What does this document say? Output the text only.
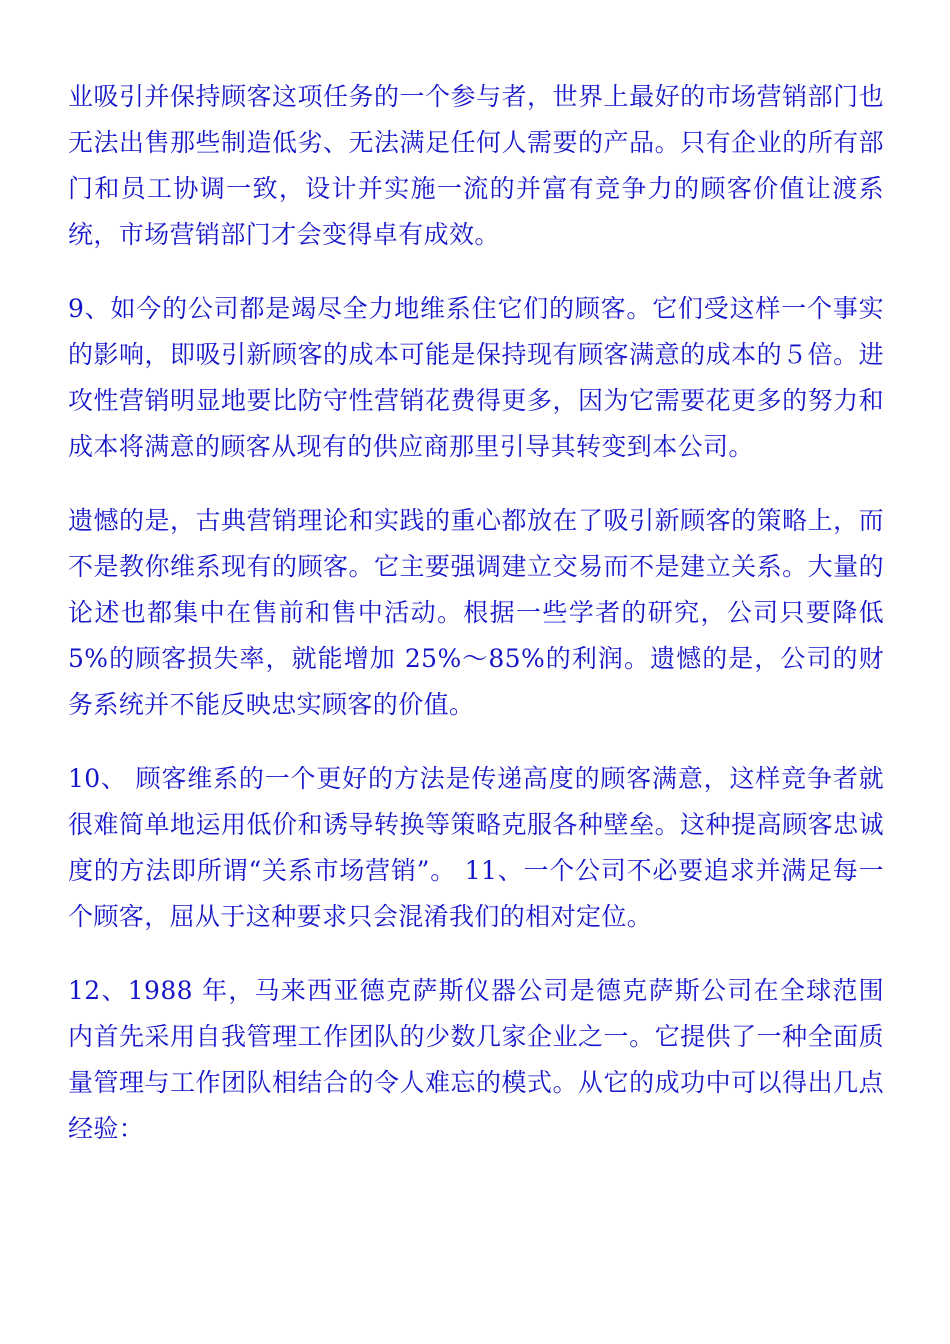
业吸引并保持顾客这项任务的一个参与者，世界上最好的市场营销部门也无法出售那些制造低劣、无法满足任何人需要的产品。只有企业的所有部门和员工协调一致，设计并实施一流的并富有竞争力的顾客价值让渡系统，市场营销部门才会变得卓有成效。

9、如今的公司都是竭尽全力地维系住它们的顾客。它们受这样一个事实的影响，即吸引新顾客的成本可能是保持现有顾客满意的成本的５倍。进攻性营销明显地要比防守性营销花费得更多，因为它需要花更多的努力和成本将满意的顾客从现有的供应商那里引导其转变到本公司。

遗憾的是，古典营销理论和实践的重心都放在了吸引新顾客的策略上，而不是教你维系现有的顾客。它主要强调建立交易而不是建立关系。大量的论述也都集中在售前和售中活动。根据一些学者的研究，公司只要降低 5%的顾客损失率，就能增加 25%～85%的利润。遗憾的是，公司的财务系统并不能反映忠实顾客的价值。

10、 顾客维系的一个更好的方法是传递高度的顾客满意，这样竞争者就很难简单地运用低价和诱导转换等策略克服各种壁垒。这种提高顾客忠诚度的方法即所谓“关系市场营销”。 11、一个公司不必要追求并满足每一个顾客，屈从于这种要求只会混淆我们的相对定位。

12、1988 年，马来西亚德克萨斯仪器公司是德克萨斯公司在全球范围内首先采用自我管理工作团队的少数几家企业之一。它提供了一种全面质量管理与工作团队相结合的令人难忘的模式。从它的成功中可以得出几点经验：
